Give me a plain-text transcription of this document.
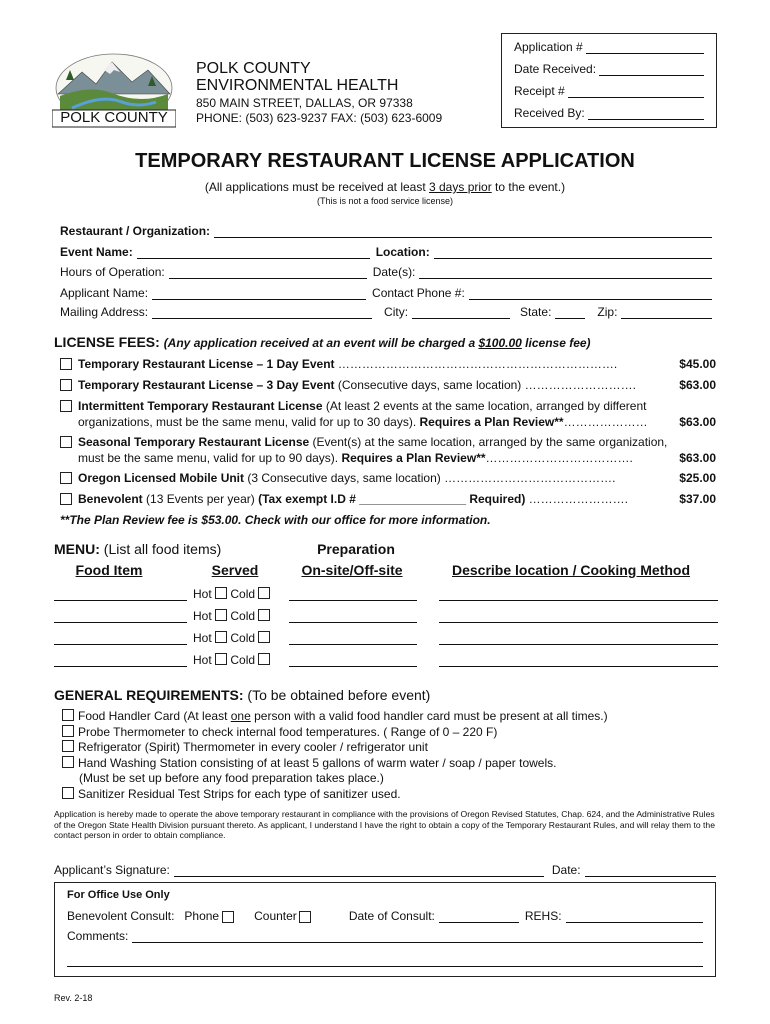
POLK COUNTY
POLK COUNTY
ENVIRONMENTAL HEALTH
850 MAIN STREET, DALLAS, OR 97338
PHONE: (503) 623-9237 FAX: (503) 623-6009
Application #
Date Received:
Receipt #
Received By:
TEMPORARY RESTAURANT LICENSE APPLICATION
(All applications must be received at least 3 days prior to the event.)
(This is not a food service license)
Restaurant / Organization:
Event Name:	Location:
Hours of Operation:	Date(s):
Applicant Name:	Contact Phone #:
Mailing Address:	City:	State:	Zip:
LICENSE FEES: (Any application received at an event will be charged a $100.00 license fee)
Temporary Restaurant License – 1 Day Event …………………………………………………………….	$45.00
Temporary Restaurant License – 3 Day Event (Consecutive days, same location) ……………………….	$63.00
Intermittent Temporary Restaurant License (At least 2 events at the same location, arranged by different
organizations, must be the same menu, valid for up to 30 days). Requires a Plan Review**…………………	$63.00
Seasonal Temporary Restaurant License (Event(s) at the same location, arranged by the same organization,
must be the same menu, valid for up to 90 days). Requires a Plan Review**……………………………….	$63.00
Oregon Licensed Mobile Unit (3 Consecutive days, same location) …………………………………….	$25.00
Benevolent (13 Events per year) (Tax exempt I.D # ________________ Required) …………………….	$37.00
**The Plan Review fee is $53.00. Check with our office for more information.
MENU: (List all food items)	Preparation
Food Item	Served	On-site/Off-site	Describe location / Cooking Method
Hot Cold
Hot Cold
Hot Cold
Hot Cold
GENERAL REQUIREMENTS: (To be obtained before event)
Food Handler Card (At least one person with a valid food handler card must be present at all times.)
Probe Thermometer to check internal food temperatures. ( Range of 0 – 220 F)
Refrigerator (Spirit) Thermometer in every cooler / refrigerator unit
Hand Washing Station consisting of at least 5 gallons of warm water / soap / paper towels.
(Must be set up before any food preparation takes place.)
Sanitizer Residual Test Strips for each type of sanitizer used.
Application is hereby made to operate the above temporary restaurant in compliance with the provisions of Oregon Revised Statutes, Chap. 624, and the Administrative Rules of the Oregon State Health Division pursuant thereto. As applicant, I understand I have the right to obtain a copy of the Temporary Restaurant Rules, and will relay them to the contact person in order to obtain compliance.
Applicant’s Signature:	Date:
For Office Use Only
Benevolent Consult: Phone	Counter	Date of Consult:	REHS:
Comments:
Rev. 2-18
